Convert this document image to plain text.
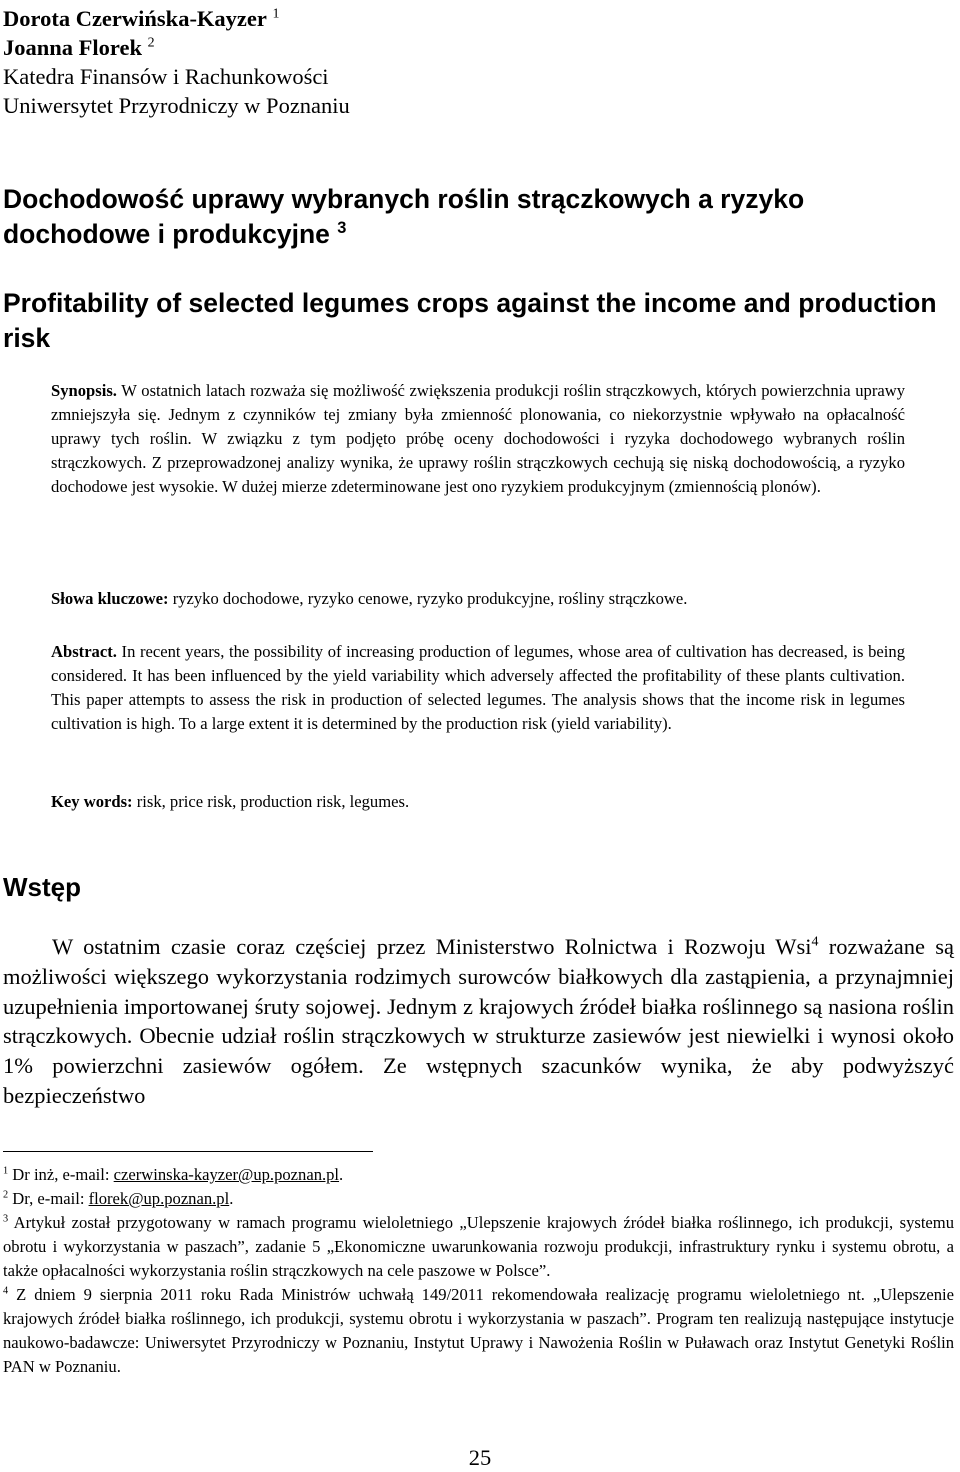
Dorota Czerwińska-Kayzer $^1$

Joanna Florek $^2$

Katedra Finansów i Rachunkowości

Uniwersytet Przyrodniczy w Poznaniu

Dochodowość uprawy wybranych roślin strączkowych a ryzyko dochodowe i produkcyjne $^3$
Profitability of selected legumes crops against the income and production risk

Synopsis. W ostatnich latach rozważa się możliwość zwiększenia produkcji roślin strączkowych, których powierzchnia uprawy zmniejszyła się. Jednym z czynników tej zmiany była zmienność plonowania, co niekorzystnie wpływało na opłacalność uprawy tych roślin. W związku z tym podjęto próbę oceny dochodowości i ryzyka dochodowego wybranych roślin strączkowych. Z przeprowadzonej analizy wynika, że uprawy roślin strączkowych cechują się niską dochodowością, a ryzyko dochodowe jest wysokie. W dużej mierze zdeterminowane jest ono ryzykiem produkcyjnym (zmiennością plonów).

Słowa kluczowe: ryzyko dochodowe, ryzyko cenowe, ryzyko produkcyjne, rośliny strączkowe.

Abstract. In recent years, the possibility of increasing production of legumes, whose area of cultivation has decreased, is being considered. It has been influenced by the yield variability which adversely affected the profitability of these plants cultivation. This paper attempts to assess the risk in production of selected legumes. The analysis shows that the income risk in legumes cultivation is high. To a large extent it is determined by the production risk (yield variability).

Key words: risk, price risk, production risk, legumes.

Wstęp

W ostatnim czasie coraz częściej przez Ministerstwo Rolnictwa i Rozwoju Wsi$^4$ rozważane są możliwości większego wykorzystania rodzimych surowców białkowych dla zastąpienia, a przynajmniej uzupełnienia importowanej śruty sojowej. Jednym z krajowych źródeł białka roślinnego są nasiona roślin strączkowych. Obecnie udział roślin strączkowych w strukturze zasiewów jest niewielki i wynosi około 1% powierzchni zasiewów ogółem. Ze wstępnych szacunków wynika, że aby podwyższyć bezpieczeństwo

$^1$ Dr inż, e-mail: czerwinska-kayzer@up.poznan.pl.

$^2$ Dr, e-mail: florek@up.poznan.pl.

$^3$ Artykuł został przygotowany w ramach programu wieloletniego „Ulepszenie krajowych źródeł białka roślinnego, ich produkcji, systemu obrotu i wykorzystania w paszach”, zadanie 5 „Ekonomiczne uwarunkowania rozwoju produkcji, infrastruktury rynku i systemu obrotu, a także opłacalności wykorzystania roślin strączkowych na cele paszowe w Polsce”.

$^4$ Z dniem 9 sierpnia 2011 roku Rada Ministrów uchwałą 149/2011 rekomendowała realizację programu wieloletniego nt. „Ulepszenie krajowych źródeł białka roślinnego, ich produkcji, systemu obrotu i wykorzystania w paszach”. Program ten realizują następujące instytucje naukowo-badawcze: Uniwersytet Przyrodniczy w Poznaniu, Instytut Uprawy i Nawożenia Roślin w Puławach oraz Instytut Genetyki Roślin PAN w Poznaniu.

25
